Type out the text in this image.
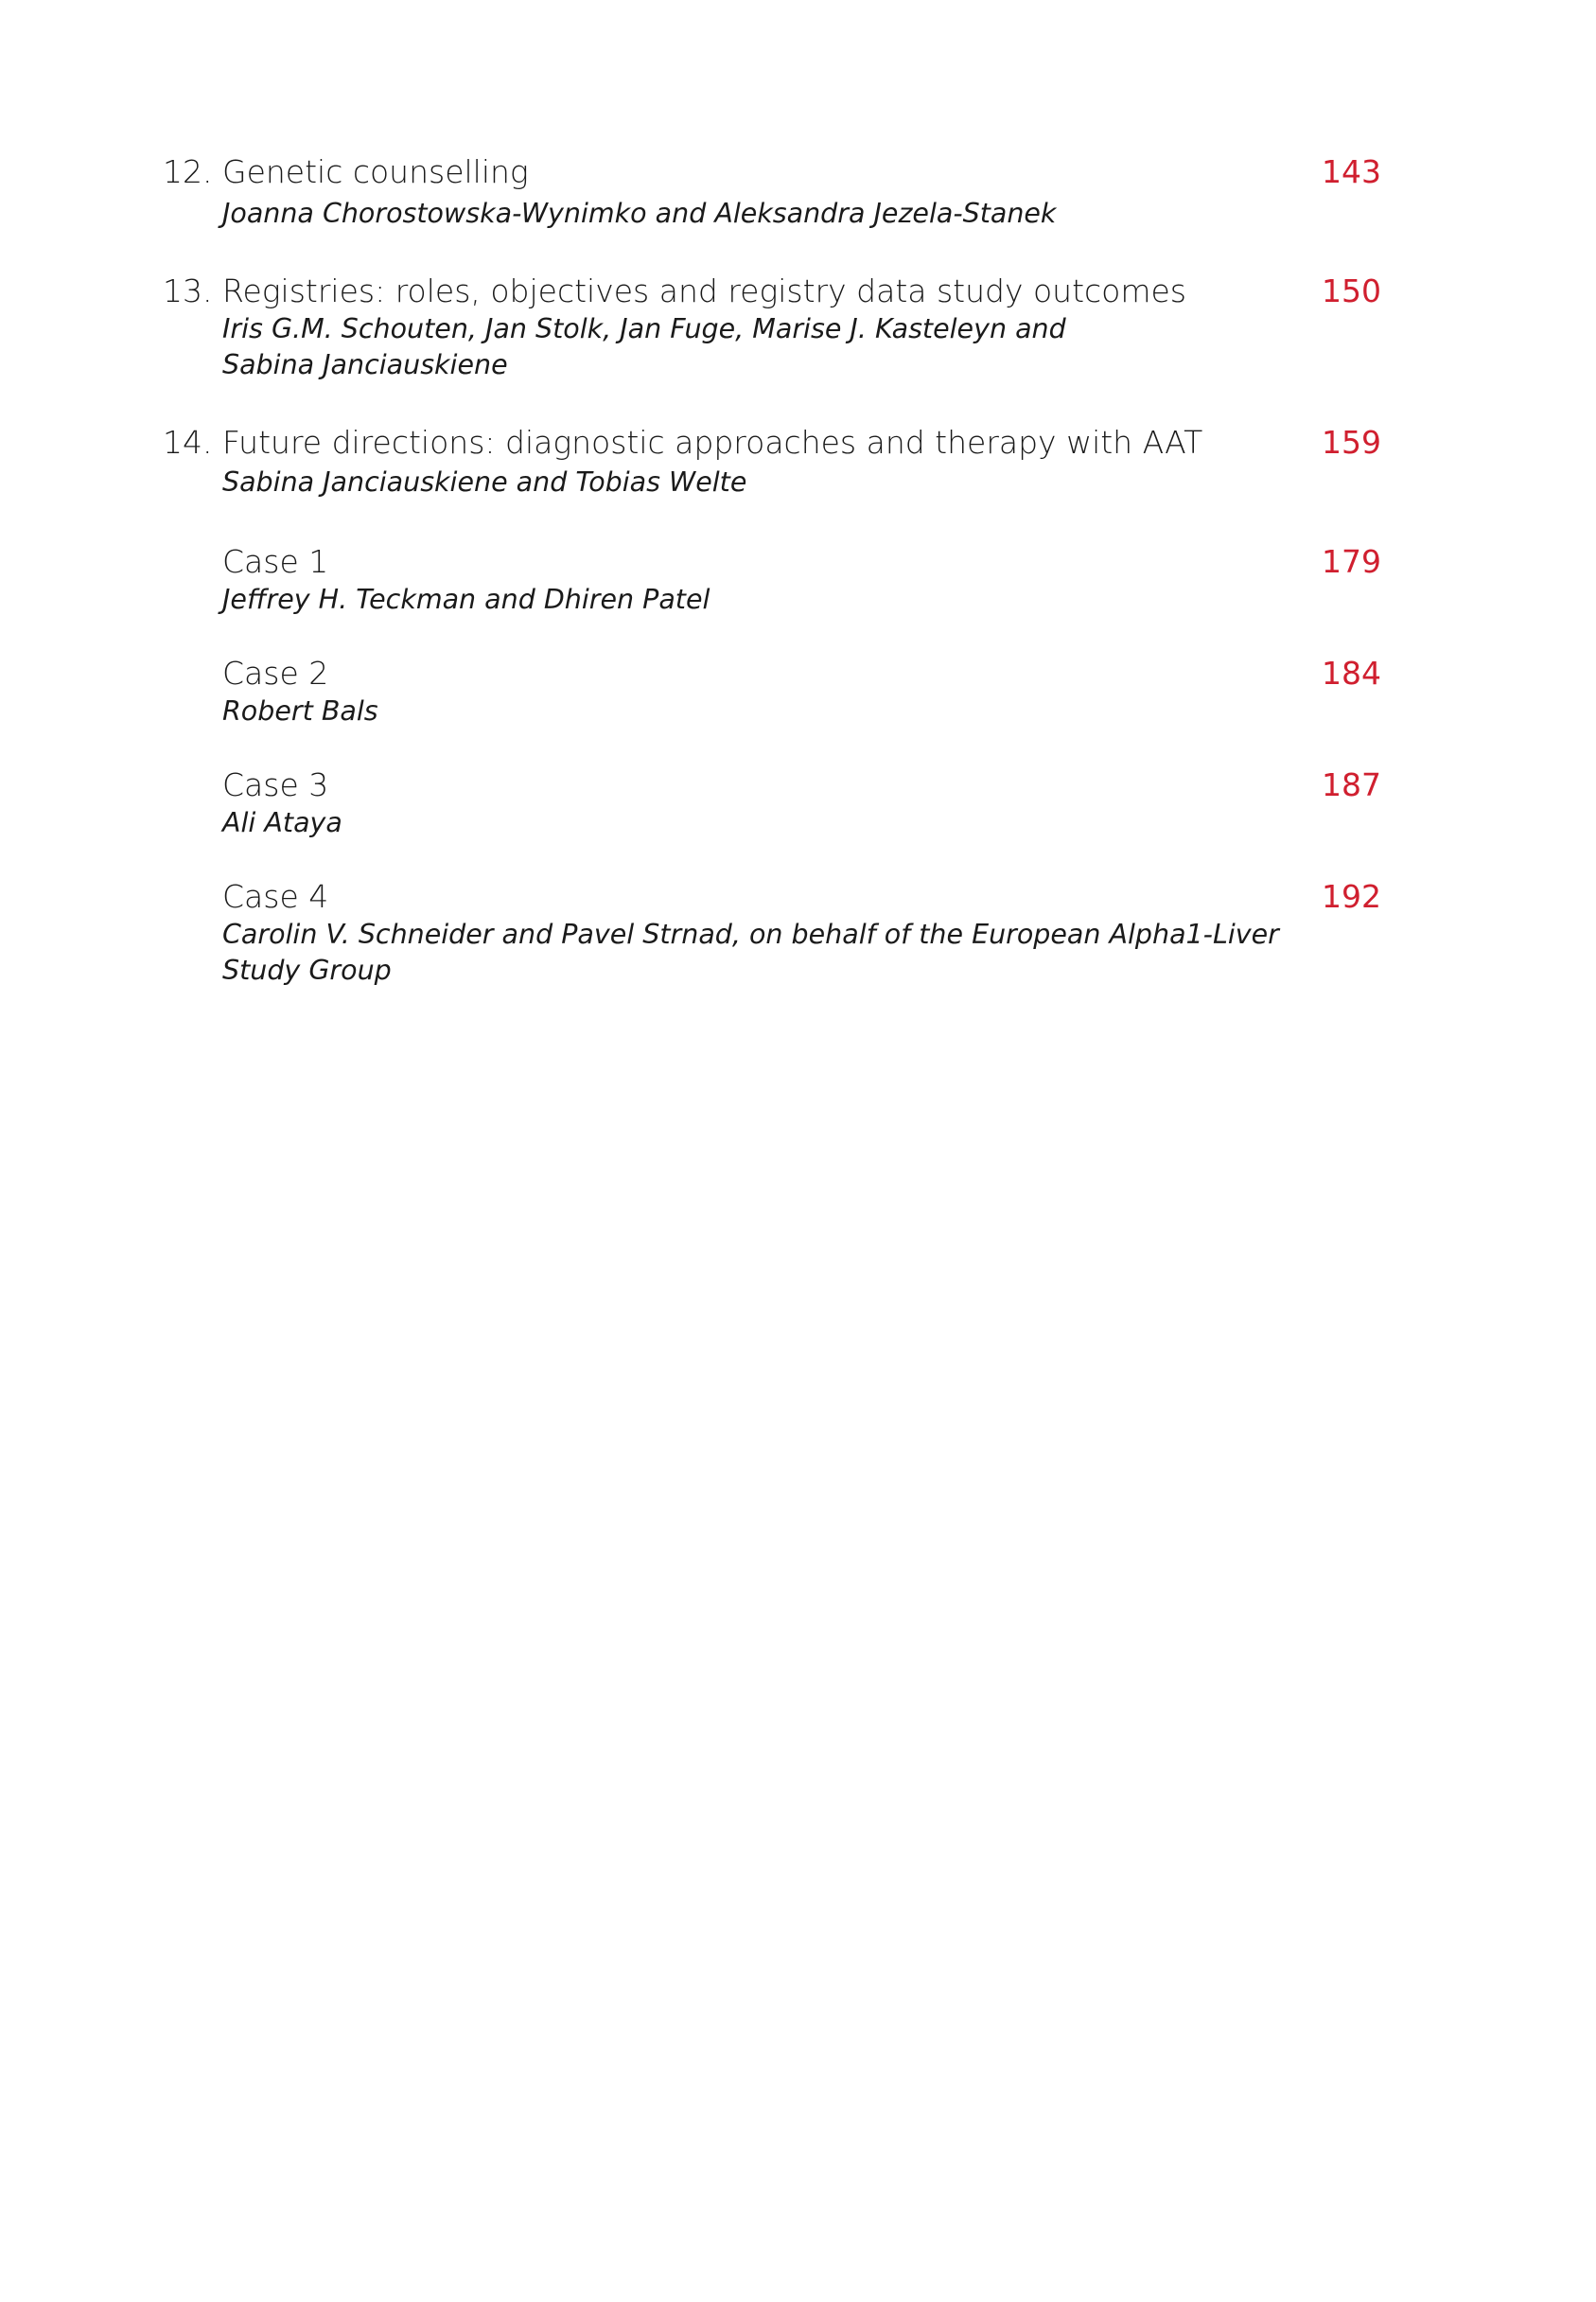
12. Genetic counselling	143
Joanna Chorostowska-Wynimko and Aleksandra Jezela-Stanek
13. Registries: roles, objectives and registry data study outcomes	150
Iris G.M. Schouten, Jan Stolk, Jan Fuge, Marise J. Kasteleyn and
Sabina Janciauskiene
14. Future directions: diagnostic approaches and therapy with AAT	159
Sabina Janciauskiene and Tobias Welte
Case 1	179
Jeffrey H. Teckman and Dhiren Patel
Case 2	184
Robert Bals
Case 3	187
Ali Ataya
Case 4	192
Carolin V. Schneider and Pavel Strnad, on behalf of the European Alpha1-Liver
Study Group
